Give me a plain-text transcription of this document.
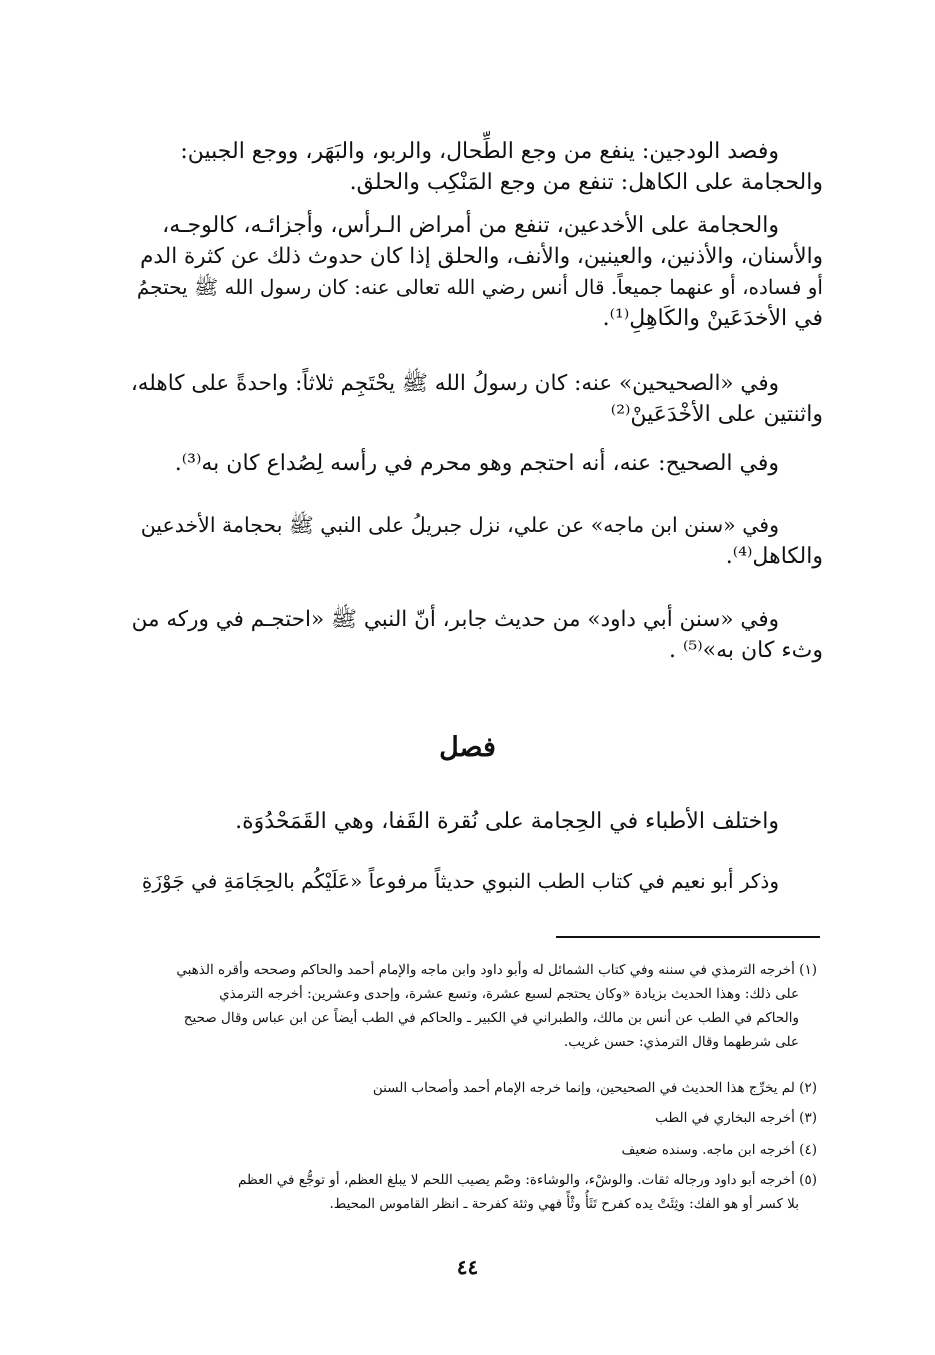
وفصد الودجين: ينفع من وجع الطِّحال، والربو، والبَهَر، ووجع الجبين:
والحجامة على الكاهل: تنفع من وجع المَنْكِب والحلق.

والحجامة على الأخدعين، تنفع من أمراض الـرأس، وأجزائـه، كالوجـه،
والأسنان، والأذنين، والعينين، والأنف، والحلق إذا كان حدوث ذلك عن كثرة الدم
أو فساده، أو عنهما جميعاً. قال أنس رضي الله تعالى عنه: كان رسول الله ﷺ يحتجمُ
في الأخدَعَينْ والكَاهِلِ⁽¹⁾.

وفي «الصحيحين» عنه: كان رسولُ الله ﷺ يحْتَجِم ثلاثاً: واحدةً على كاهله،
واثنتين على الأخْدَعَينْ⁽²⁾

وفي الصحيح: عنه، أنه احتجم وهو محرم في رأسه لِصُداع كان به⁽³⁾.

وفي «سنن ابن ماجه» عن علي، نزل جبريلُ على النبي ﷺ بحجامة الأخدعين
والكاهل⁽⁴⁾.

وفي «سنن أبي داود» من حديث جابر، أنّ النبي ﷺ «احتجـم في وركه من
وثء كان به»⁽⁵⁾ .

فصل

واختلف الأطباء في الحِجامة على نُقرة القَفا، وهي القَمَحْدُوَة.

وذكر أبو نعيم في كتاب الطب النبوي حديثاً مرفوعاً «عَلَيْكُم بالحِجَامَةِ في جَوْزَةِ

(١) أخرجه الترمذي في سننه وفي كتاب الشمائل له وأبو داود وابن ماجه والإمام أحمد والحاكم وصححه وأقره الذهبي
على ذلك: وهذا الحديث بزيادة «وكان يحتجم لسبع عشرة، وتسع عشرة، وإحدى وعشرين: أخرجه الترمذي
والحاكم في الطب عن أنس بن مالك، والطبراني في الكبير ـ والحاكم في الطب أيضاً عن ابن عباس وقال صحيح
على شرطهما وقال الترمذي: حسن غريب.
(٢) لم يخرِّج هذا الحديث في الصحيحين، وإنما خرجه الإمام أحمد وأصحاب السنن
(٣) أخرجه البخاري في الطب
(٤) أخرجه ابن ماجه. وسنده ضعيف
(٥) أخرجه أبو داود ورجاله ثقات. والوشْء، والوشاءة: وصْم يصيب اللحم لا يبلغ العظم، أو توجُّع في العظم
بلا كسر أو هو الفك: وثِئَتْ يده كفرح تَثَأُ وثْأً فهي وثئة كفرحة ـ انظر القاموس المحيط.
٤٤
